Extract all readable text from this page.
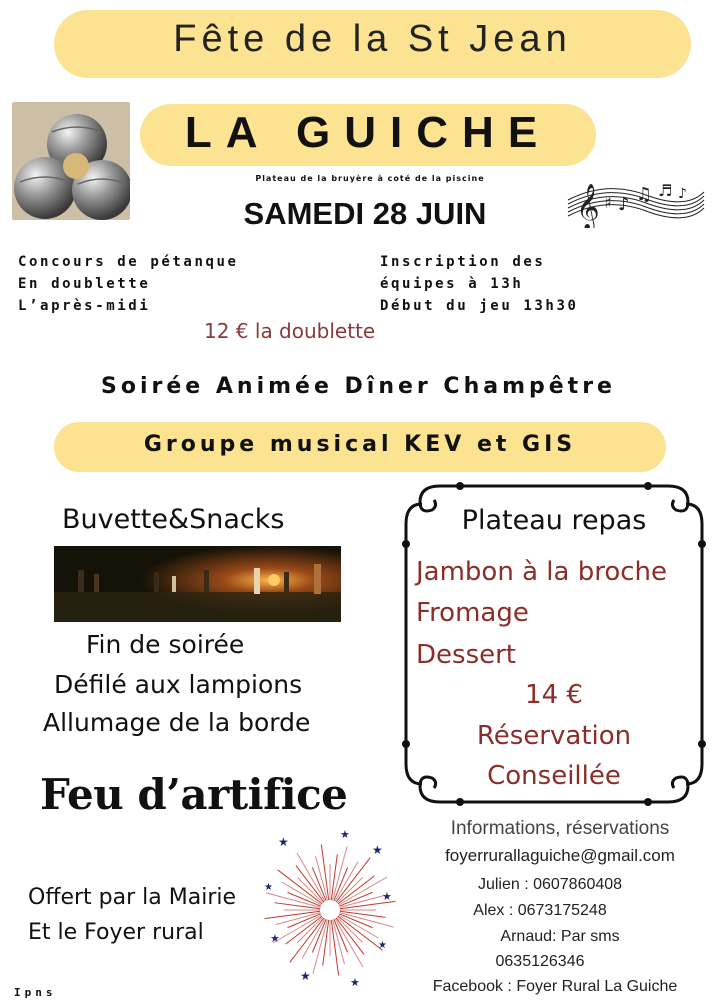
Fête de la St Jean
LA GUICHE
Plateau de la bruyère à coté de la piscine
𝄞 ♯ ♪ ♫ ♬ ♪
SAMEDI 28 JUIN
Concours de pétanque
En doublette
L’après-midi
Inscription des
équipes à 13h
Début du jeu 13h30
12 € la doublette
Soirée Animée Dîner Champêtre
Groupe musical KEV et GIS
Buvette&Snacks
Fin de soirée
Défilé aux lampions
Allumage de la borde
Feu d’artifice
Offert par la Mairie
Et le Foyer rural
Ipns
★
★
★
★
★
★
★
★	★
Plateau repas
Jambon à la broche
Fromage
Dessert
14 €
Réservation
Conseillée
Informations, réservations
foyerrurallaguiche@gmail.com
Julien : 0607860408
Alex : 0673175248
Arnaud: Par sms
0635126346
Facebook : Foyer Rural La Guiche
